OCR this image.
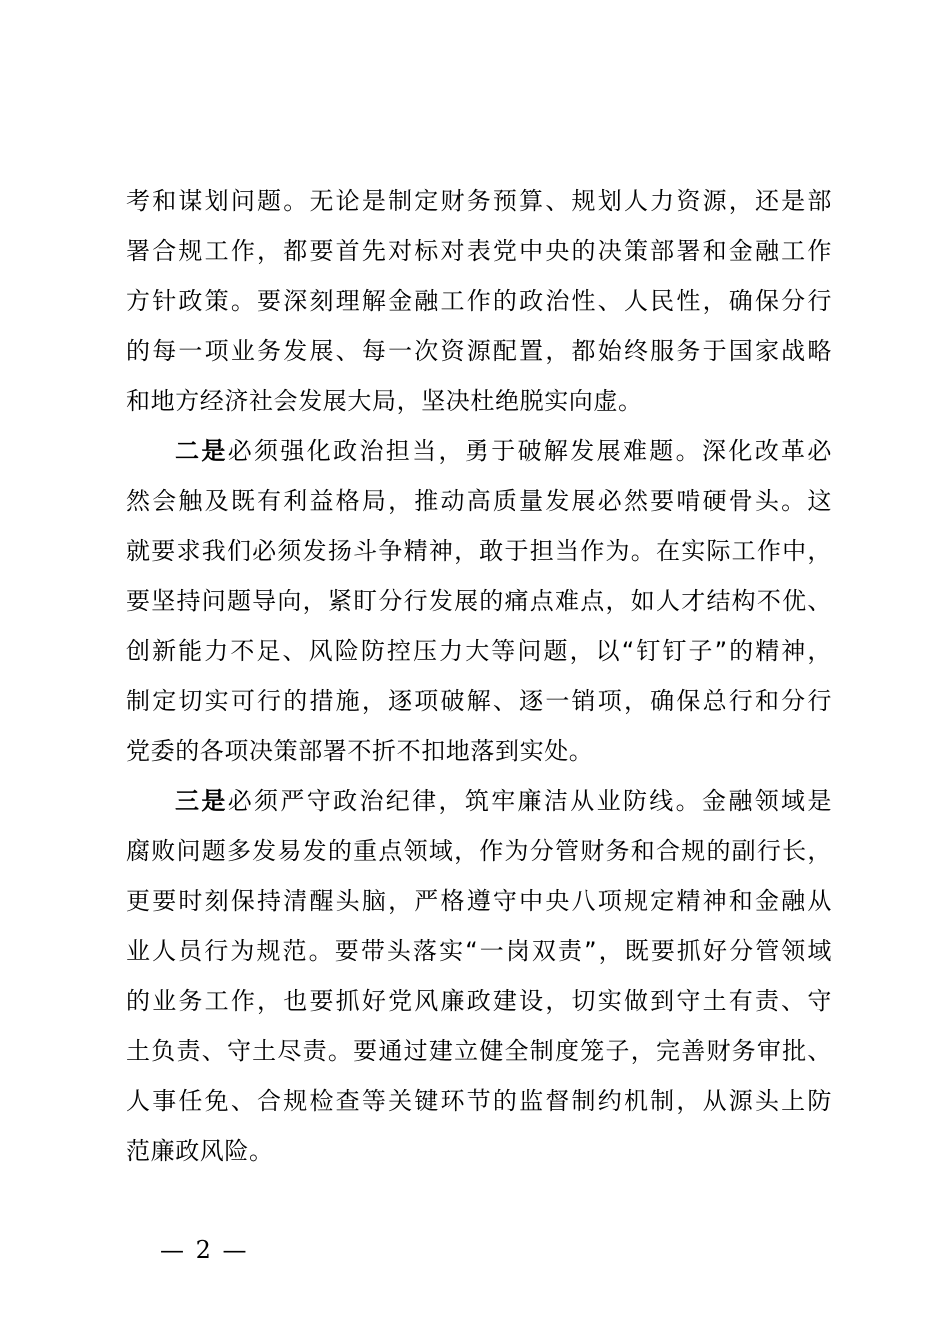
考和谋划问题。无论是制定财务预算、规划人力资源，还是部
署合规工作，都要首先对标对表党中央的决策部署和金融工作
方针政策。要深刻理解金融工作的政治性、人民性，确保分行
的每一项业务发展、每一次资源配置，都始终服务于国家战略
和地方经济社会发展大局，坚决杜绝脱实向虚。
二是必须强化政治担当，勇于破解发展难题。深化改革必
然会触及既有利益格局，推动高质量发展必然要啃硬骨头。这
就要求我们必须发扬斗争精神，敢于担当作为。在实际工作中，
要坚持问题导向，紧盯分行发展的痛点难点，如人才结构不优、
创新能力不足、风险防控压力大等问题，以“钉钉子”的精神，
制定切实可行的措施，逐项破解、逐一销项，确保总行和分行
党委的各项决策部署不折不扣地落到实处。
三是必须严守政治纪律，筑牢廉洁从业防线。金融领域是
腐败问题多发易发的重点领域，作为分管财务和合规的副行长，
更要时刻保持清醒头脑，严格遵守中央八项规定精神和金融从
业人员行为规范。要带头落实“一岗双责”，既要抓好分管领域
的业务工作，也要抓好党风廉政建设，切实做到守土有责、守
土负责、守土尽责。要通过建立健全制度笼子，完善财务审批、
人事任免、合规检查等关键环节的监督制约机制，从源头上防
范廉政风险。
— 2 —
